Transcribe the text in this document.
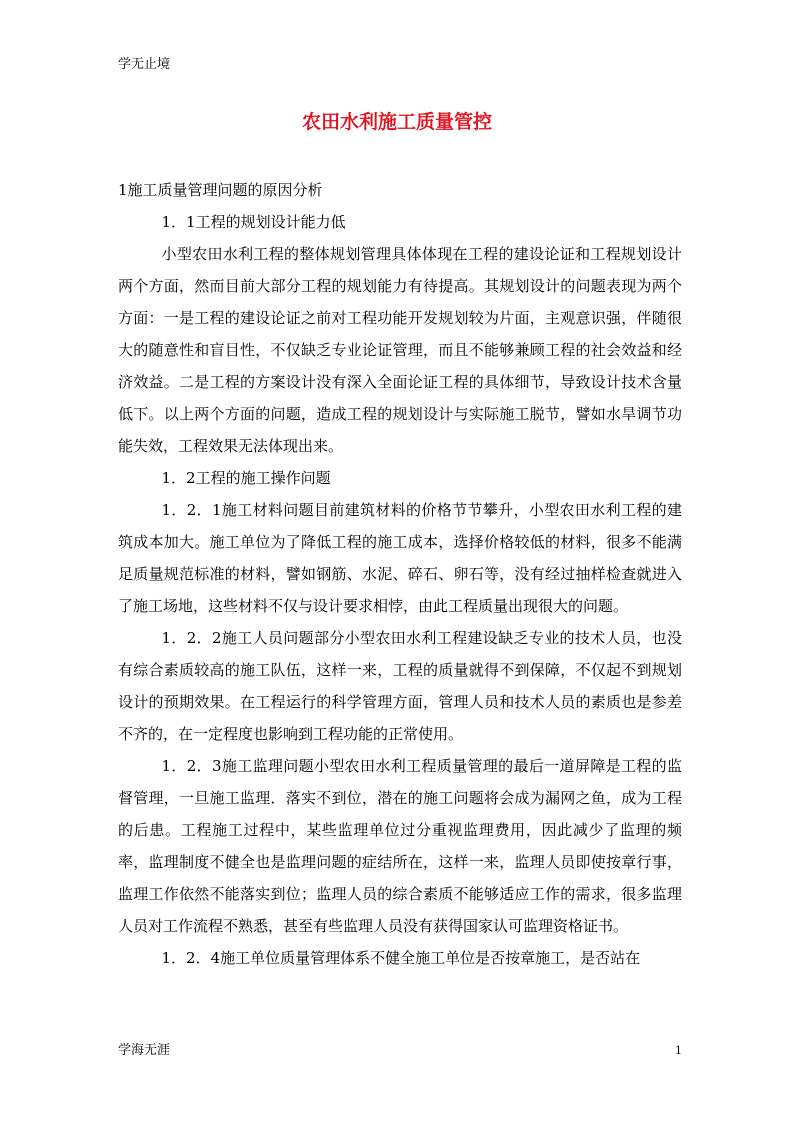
学无止境
农田水利施工质量管控

1施工质量管理问题的原因分析

1．1工程的规划设计能力低

小型农田水利工程的整体规划管理具体体现在工程的建设论证和工程规划设计两个方面，然而目前大部分工程的规划能力有待提高。其规划设计的问题表现为两个方面：一是工程的建设论证之前对工程功能开发规划较为片面，主观意识强，伴随很大的随意性和盲目性，不仅缺乏专业论证管理，而且不能够兼顾工程的社会效益和经济效益。二是工程的方案设计没有深入全面论证工程的具体细节，导致设计技术含量低下。以上两个方面的问题，造成工程的规划设计与实际施工脱节，譬如水旱调节功能失效，工程效果无法体现出来。

1．2工程的施工操作问题

1．2．1施工材料问题目前建筑材料的价格节节攀升，小型农田水利工程的建筑成本加大。施工单位为了降低工程的施工成本，选择价格较低的材料，很多不能满足质量规范标准的材料，譬如钢筋、水泥、碎石、卵石等，没有经过抽样检查就进入了施工场地，这些材料不仅与设计要求相悖，由此工程质量出现很大的问题。

1．2．2施工人员问题部分小型农田水利工程建设缺乏专业的技术人员，也没有综合素质较高的施工队伍，这样一来，工程的质量就得不到保障，不仅起不到规划设计的预期效果。在工程运行的科学管理方面，管理人员和技术人员的素质也是参差不齐的，在一定程度也影响到工程功能的正常使用。

1．2．3施工监理问题小型农田水利工程质量管理的最后一道屏障是工程的监督管理，一旦施工监理．落实不到位，潜在的施工问题将会成为漏网之鱼，成为工程的后患。工程施工过程中，某些监理单位过分重视监理费用，因此减少了监理的频率，监理制度不健全也是监理问题的症结所在，这样一来，监理人员即使按章行事，监理工作依然不能落实到位；监理人员的综合素质不能够适应工作的需求，很多监理人员对工作流程不熟悉，甚至有些监理人员没有获得国家认可监理资格证书。

1．2．4施工单位质量管理体系不健全施工单位是否按章施工，是否站在

学海无涯	1
